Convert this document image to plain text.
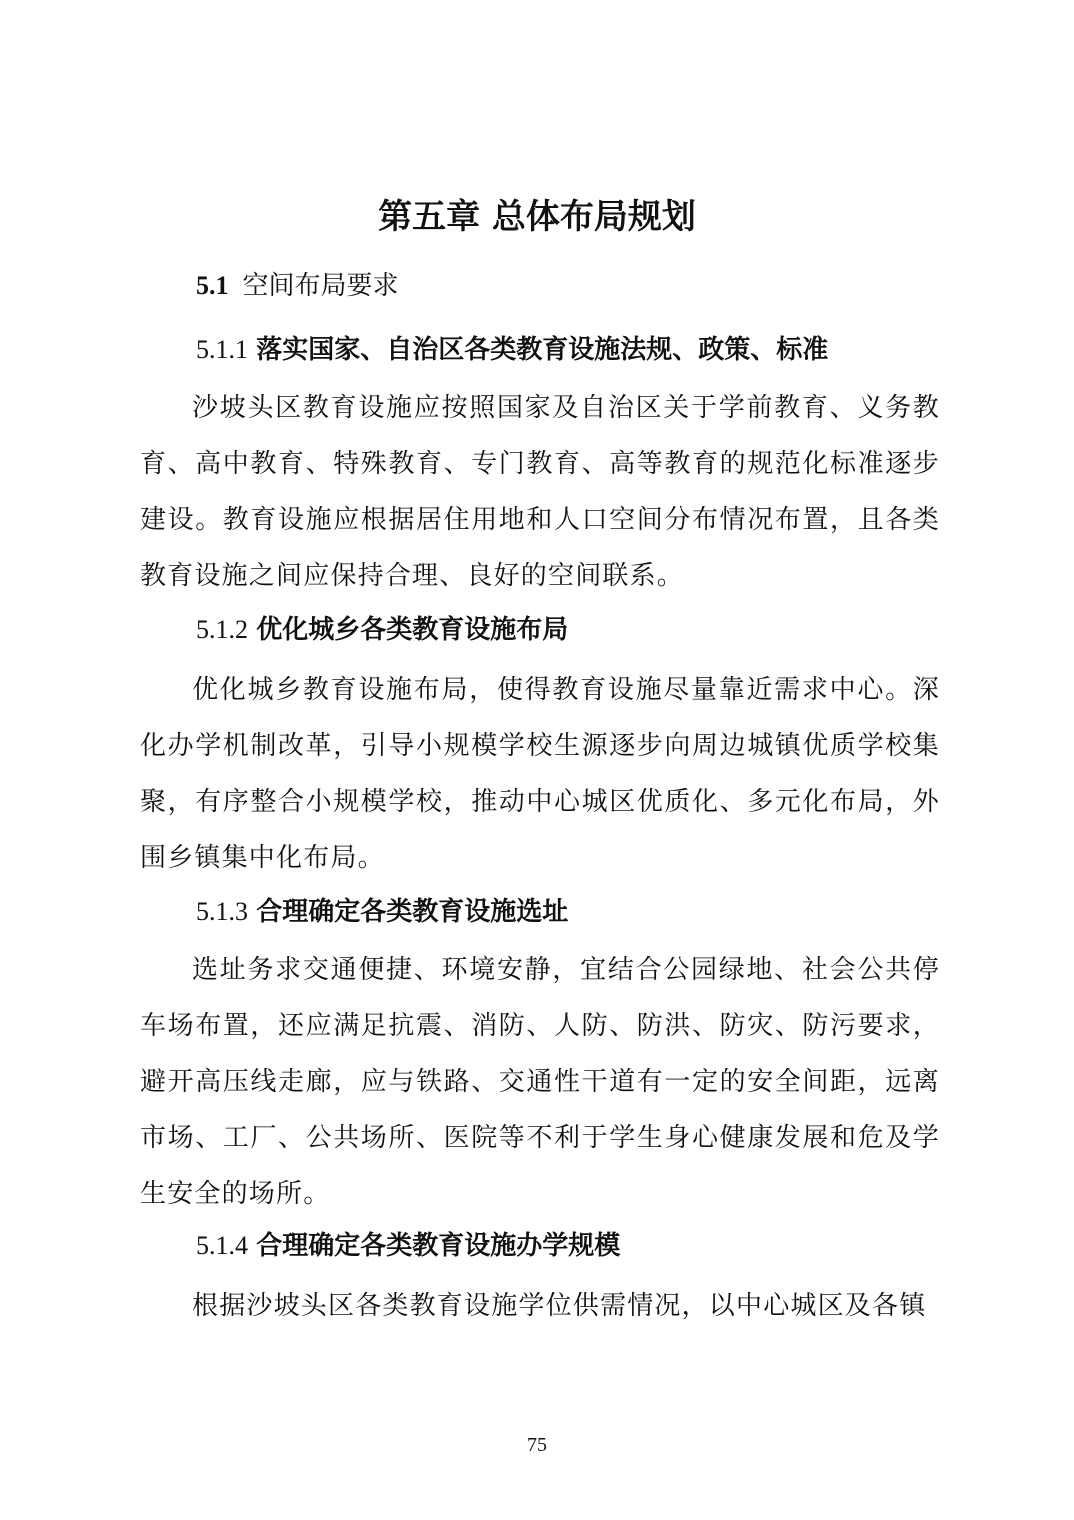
第五章 总体布局规划
5.1 空间布局要求
5.1.1 落实国家、自治区各类教育设施法规、政策、标准
沙坡头区教育设施应按照国家及自治区关于学前教育、义务教育、高中教育、特殊教育、专门教育、高等教育的规范化标准逐步建设。教育设施应根据居住用地和人口空间分布情况布置，且各类教育设施之间应保持合理、良好的空间联系。
5.1.2 优化城乡各类教育设施布局
优化城乡教育设施布局，使得教育设施尽量靠近需求中心。深化办学机制改革，引导小规模学校生源逐步向周边城镇优质学校集聚，有序整合小规模学校，推动中心城区优质化、多元化布局，外围乡镇集中化布局。
5.1.3 合理确定各类教育设施选址
选址务求交通便捷、环境安静，宜结合公园绿地、社会公共停车场布置，还应满足抗震、消防、人防、防洪、防灾、防污要求，避开高压线走廊，应与铁路、交通性干道有一定的安全间距，远离市场、工厂、公共场所、医院等不利于学生身心健康发展和危及学生安全的场所。
5.1.4 合理确定各类教育设施办学规模
根据沙坡头区各类教育设施学位供需情况，以中心城区及各镇
75
